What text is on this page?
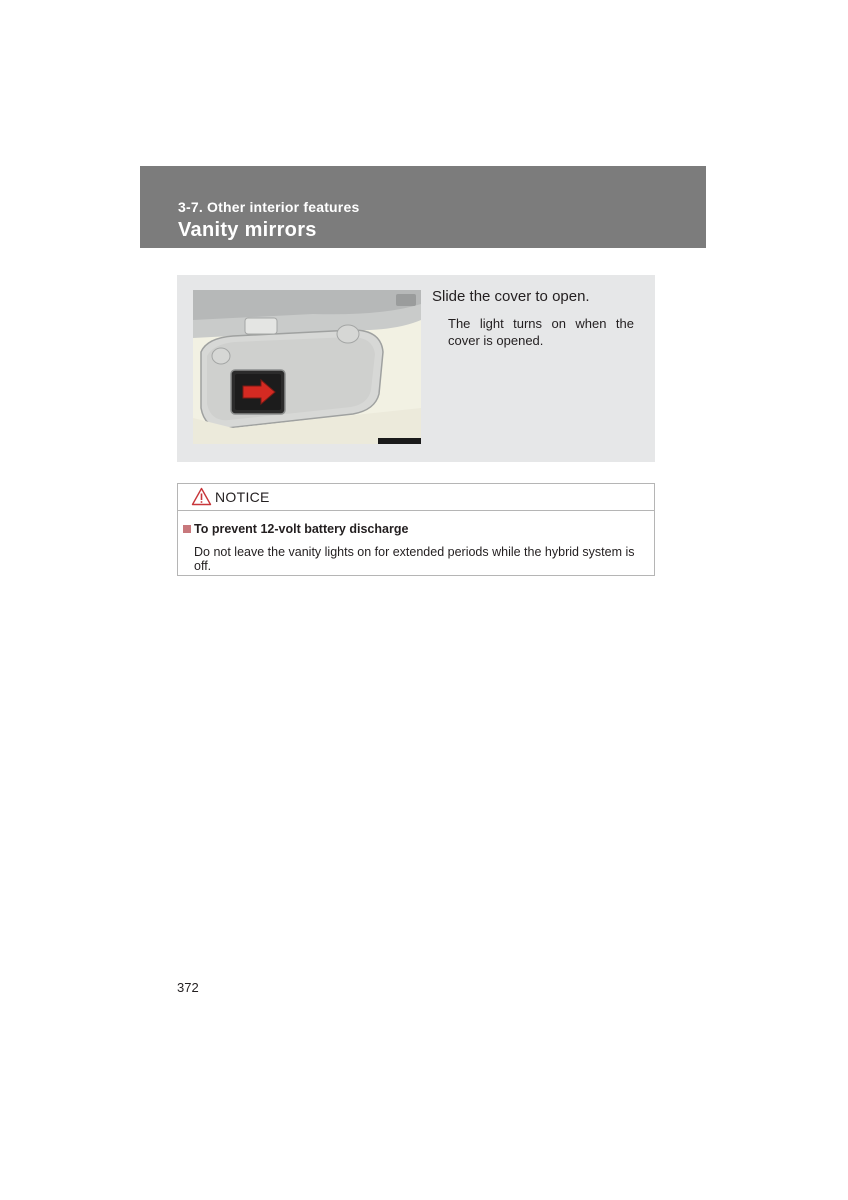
3-7. Other interior features
Vanity mirrors
Slide the cover to open.
The light turns on when the cover is opened.
NOTICE
To prevent 12-volt battery discharge
Do not leave the vanity lights on for extended periods while the hybrid system is off.
372
